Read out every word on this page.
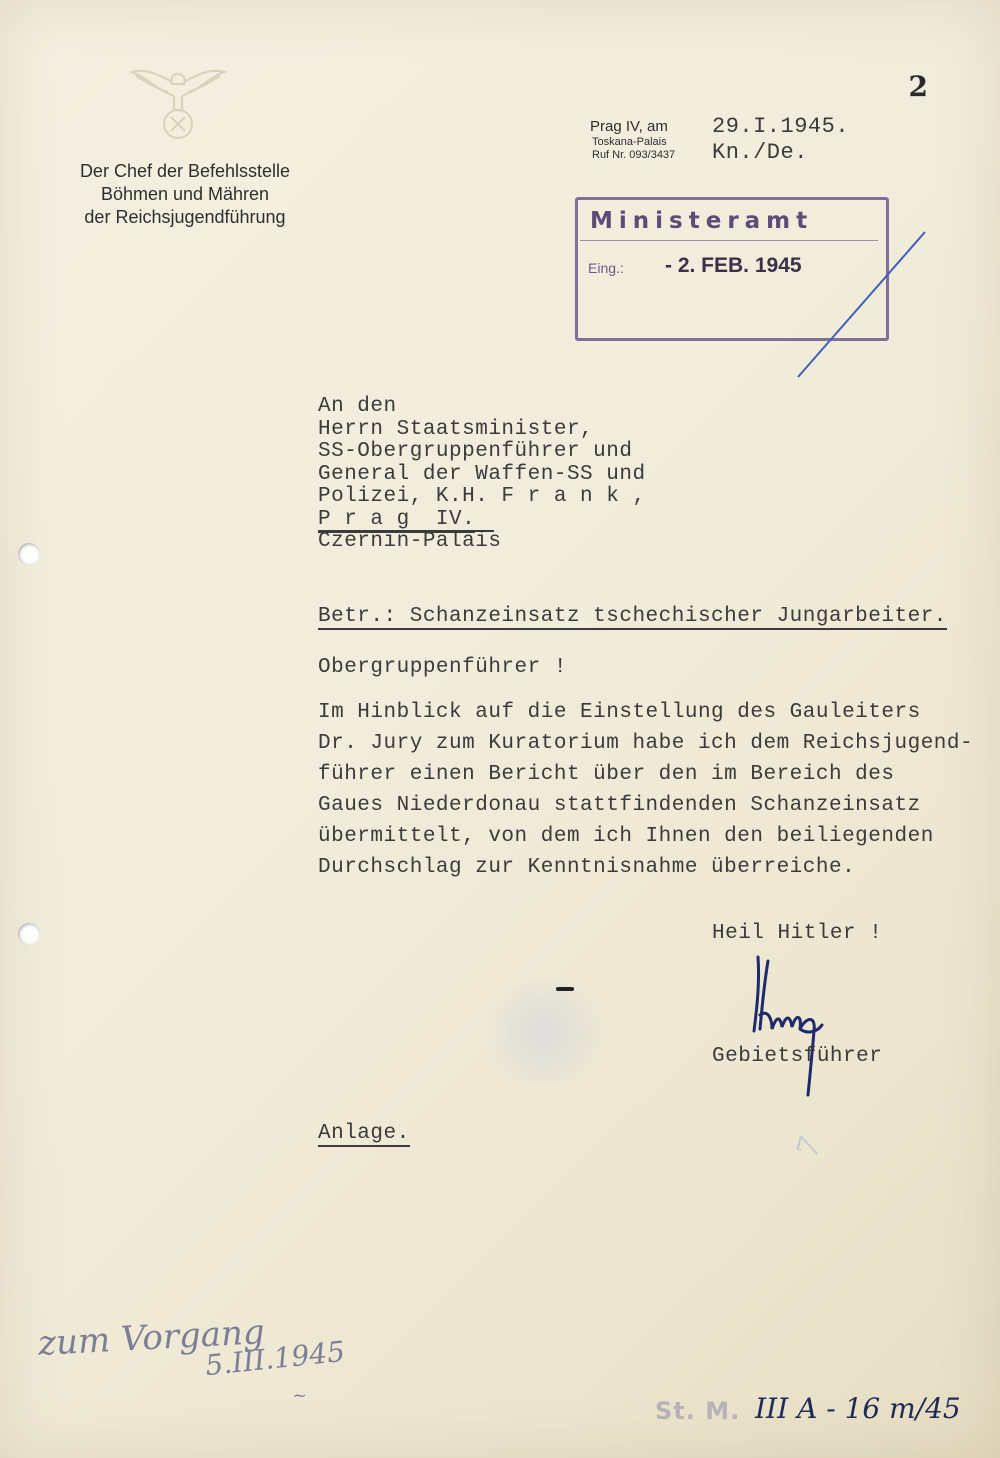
Der Chef der Befehlsstelle
Böhmen und Mähren
der Reichsjugendführung
2
Prag IV, am
Toskana-Palais
Ruf Nr. 093/3437
29.I.1945.
Kn./De.
Ministeramt
Eing.: - 2. FEB. 1945
An den
Herrn Staatsminister,
SS-Obergruppenführer und
General der Waffen-SS und
Polizei, K.H. F r a n k ,
P r a g  IV.
Czernin-Palais
Betr.: Schanzeinsatz tschechischer Jungarbeiter.
Obergruppenführer !
Im Hinblick auf die Einstellung des Gauleiters
Dr. Jury zum Kuratorium habe ich dem Reichsjugend-
führer einen Bericht über den im Bereich des
Gaues Niederdonau stattfindenden Schanzeinsatz
übermittelt, von dem ich Ihnen den beiliegenden
Durchschlag zur Kenntnisnahme überreiche.
Heil Hitler !
Gebietsführer
Anlage.
7
zum Vorgang
5.III.1945
~
St. M. III A - 16 m/45
